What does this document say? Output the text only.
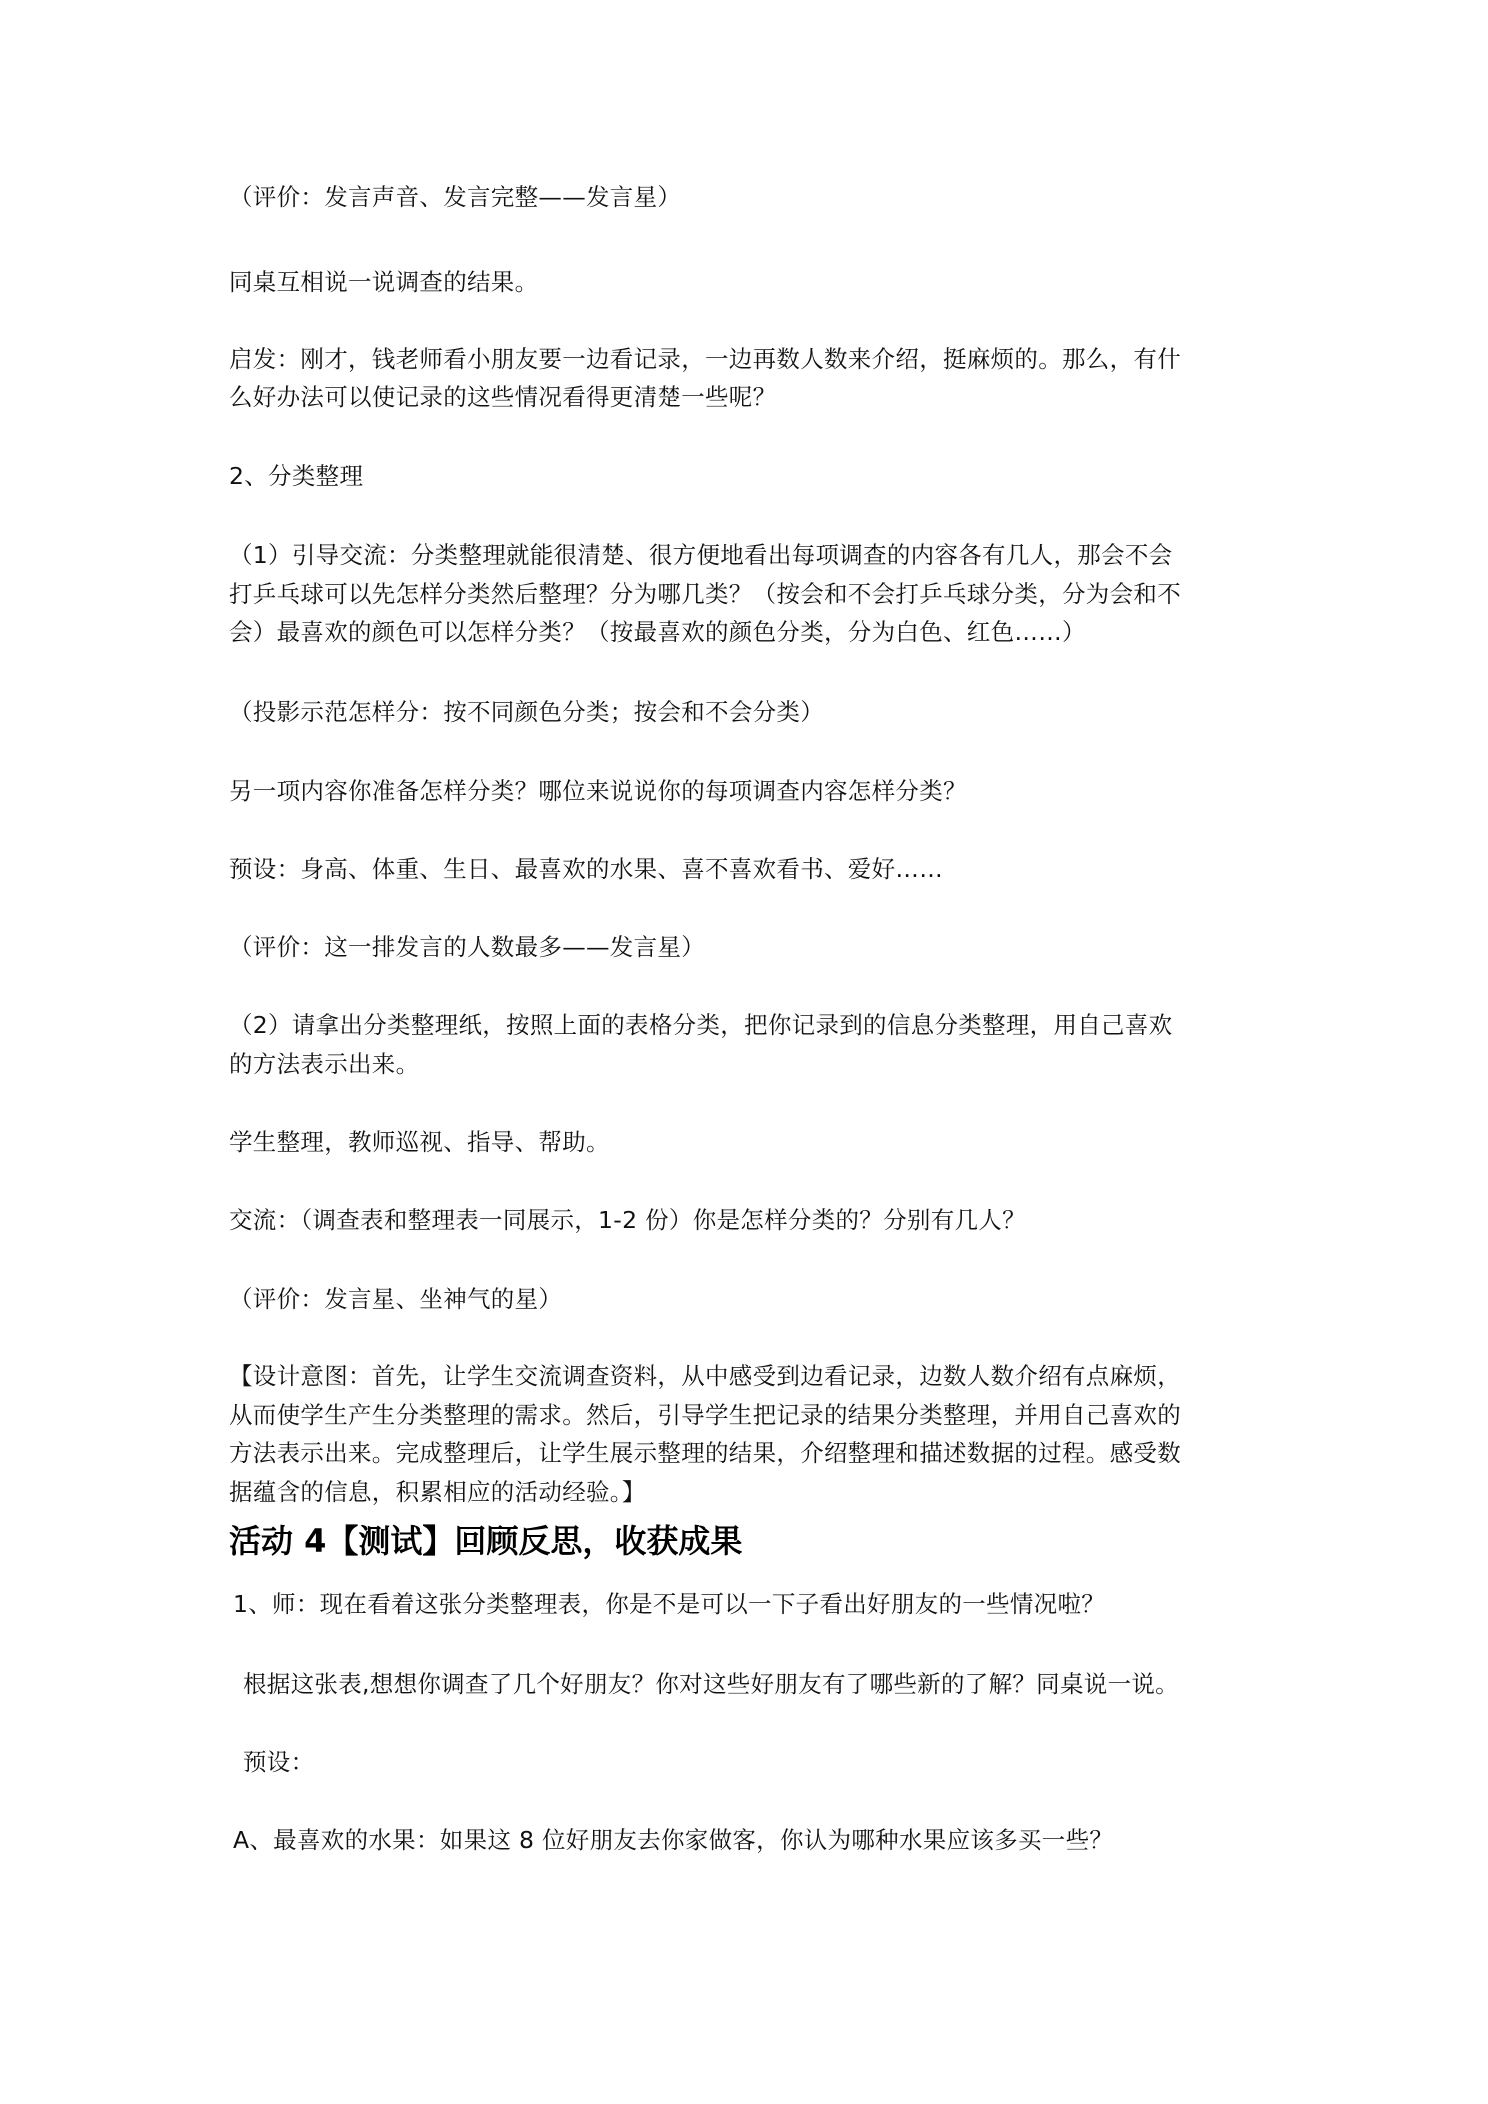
（评价：发言声音、发言完整——发言星）
同桌互相说一说调查的结果。
启发：刚才，钱老师看小朋友要一边看记录，一边再数人数来介绍，挺麻烦的。那么，有什
么好办法可以使记录的这些情况看得更清楚一些呢？
2、分类整理
（1）引导交流：分类整理就能很清楚、很方便地看出每项调查的内容各有几人，那会不会
打乒乓球可以先怎样分类然后整理？分为哪几类？（按会和不会打乒乓球分类，分为会和不
会）最喜欢的颜色可以怎样分类？（按最喜欢的颜色分类，分为白色、红色……）
（投影示范怎样分：按不同颜色分类；按会和不会分类）
另一项内容你准备怎样分类？哪位来说说你的每项调查内容怎样分类？
预设：身高、体重、生日、最喜欢的水果、喜不喜欢看书、爱好……
（评价：这一排发言的人数最多——发言星）
（2）请拿出分类整理纸，按照上面的表格分类，把你记录到的信息分类整理，用自己喜欢
的方法表示出来。
学生整理，教师巡视、指导、帮助。
交流：（调查表和整理表一同展示，1-2 份）你是怎样分类的？分别有几人？
（评价：发言星、坐神气的星）
【设计意图：首先，让学生交流调查资料，从中感受到边看记录，边数人数介绍有点麻烦，
从而使学生产生分类整理的需求。然后，引导学生把记录的结果分类整理，并用自己喜欢的
方法表示出来。完成整理后，让学生展示整理的结果，介绍整理和描述数据的过程。感受数
据蕴含的信息，积累相应的活动经验。】
活动 4【测试】回顾反思，收获成果
1、师：现在看着这张分类整理表，你是不是可以一下子看出好朋友的一些情况啦？
根据这张表,想想你调查了几个好朋友？你对这些好朋友有了哪些新的了解？同桌说一说。
预设：
A、最喜欢的水果：如果这 8 位好朋友去你家做客，你认为哪种水果应该多买一些？
